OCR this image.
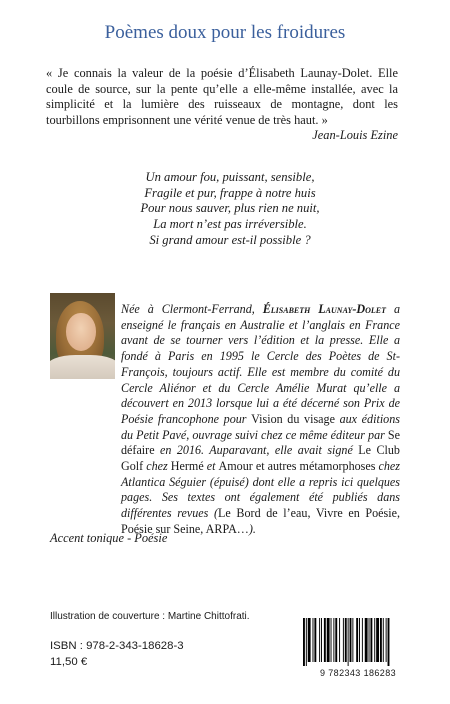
Poèmes doux pour les froidures
« Je connais la valeur de la poésie d’Élisabeth Launay-Dolet. Elle coule de source, sur la pente qu’elle a elle-même installée, avec la simplicité et la lumière des ruisseaux de montagne, dont les tourbillons emprisonnent une vérité venue de très haut. »
Jean-Louis Ezine
Un amour fou, puissant, sensible,
Fragile et pur, frappe à notre huis
Pour nous sauver, plus rien ne nuit,
La mort n’est pas irréversible.
Si grand amour est-il possible ?

Née à Clermont-Ferrand, Élisabeth Launay-Dolet a enseigné le français en Australie et l’anglais en France avant de se tourner vers l’édition et la presse. Elle a fondé à Paris en 1995 le Cercle des Poètes de St-François, toujours actif. Elle est membre du comité du Cercle Aliénor et du Cercle Amélie Murat qu’elle a découvert en 2013 lorsque lui a été décerné son Prix de Poésie francophone pour Vision du visage aux éditions du Petit Pavé, ouvrage suivi chez ce même éditeur par Se défaire en 2016. Auparavant, elle avait signé Le Club Golf chez Hermé et Amour et autres métamorphoses chez Atlantica Séguier (épuisé) dont elle a repris ici quelques pages. Ses textes ont également été publiés dans différentes revues (Le Bord de l’eau, Vivre en Poésie, Poésie sur Seine, ARPA…).

Accent tonique - Poésie
Illustration de couverture : Martine Chittofrati.
ISBN : 978-2-343-18628-3
11,50 €
9 782343 186283
